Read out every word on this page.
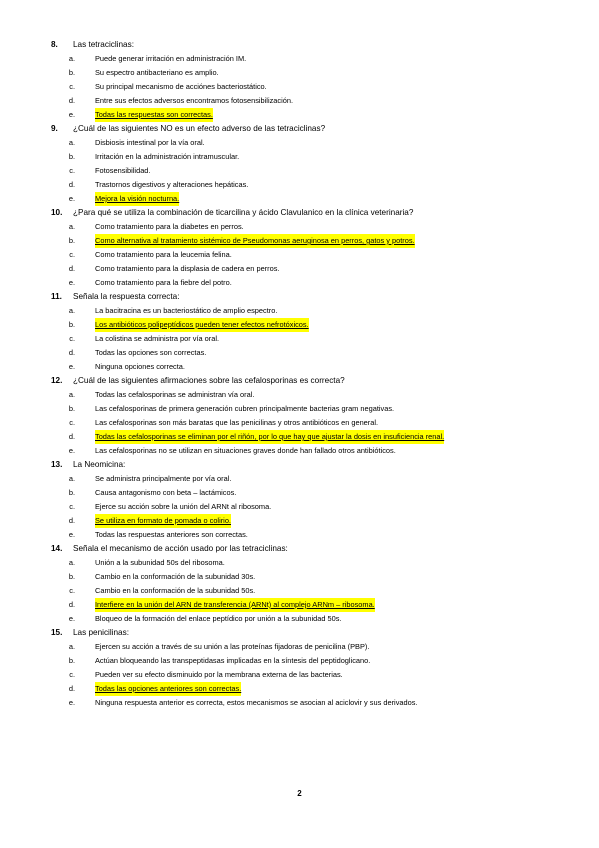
8.	Las tetraciclinas:
a.	Puede generar irritación en administración IM.
b.	Su espectro antibacteriano es amplio.
c.	Su principal mecanismo de acciónes bacteriostático.
d.	Entre sus efectos adversos encontramos fotosensibilización.
e.	Todas las respuestas son correctas.
9.	¿Cuál de las siguientes NO es un efecto adverso de las tetraciclinas?
a.	Disbiosis intestinal por la vía oral.
b.	Irritación en la administración intramuscular.
c.	Fotosensibilidad.
d.	Trastornos digestivos y alteraciones hepáticas.
e.	Mejora la visión nocturna.
10.	¿Para qué se utiliza la combinación de ticarcilina y ácido Clavulanico en la clínica veterinaria?
a.	Como tratamiento para la diabetes en perros.
b.	Como alternativa al tratamiento sistémico de Pseudomonas aeruginosa en perros, gatos y potros.
c.	Como tratamiento para la leucemia felina.
d.	Como tratamiento para la displasia de cadera en perros.
e.	Como tratamiento para la fiebre del potro.
11.	Señala la respuesta correcta:
a.	La bacitracina es un bacteriostático de amplio espectro.
b.	Los antibióticos polipeptídicos pueden tener efectos nefrotóxicos.
c.	La colistina se administra por vía oral.
d.	Todas las opciones son correctas.
e.	Ninguna opciones correcta.
12.	¿Cuál de las siguientes afirmaciones sobre las cefalosporinas es correcta?
a.	Todas las cefalosporinas se administran vía oral.
b.	Las cefalosporinas de primera generación cubren principalmente bacterias gram negativas.
c.	Las cefalosporinas son más baratas que las penicilinas y otros antibióticos en general.
d.	Todas las cefalosporinas se eliminan por el riñón, por lo que hay que ajustar la dosis en insuficiencia renal.
e.	Las cefalosporinas no se utilizan en situaciones graves donde han fallado otros antibióticos.
13.	La Neomicina:
a.	Se administra principalmente por vía oral.
b.	Causa antagonismo con beta – lactámicos.
c.	Ejerce su acción sobre la unión del ARNt al ribosoma.
d.	Se utiliza en formato de pomada o colirio.
e.	Todas las respuestas anteriores son correctas.
14.	Señala el mecanismo de acción usado por las tetraciclinas:
a.	Unión a la subunidad 50s del ribosoma.
b.	Cambio en la conformación de la subunidad 30s.
c.	Cambio en la conformación de la subunidad 50s.
d.	Interfiere en la unión del ARN de transferencia (ARNt) al complejo ARNm – ribosoma.
e.	Bloqueo de la formación del enlace peptídico por unión a la subunidad 50s.
15.	Las penicilinas:
a.	Ejercen su acción a través de su unión a las proteínas fijadoras de penicilina (PBP).
b.	Actúan bloqueando las transpeptidasas implicadas en la síntesis del peptidoglicano.
c.	Pueden ver su efecto disminuido por la membrana externa de las bacterias.
d.	Todas las opciones anteriores son correctas.
e.	Ninguna respuesta anterior es correcta, estos mecanismos se asocian al aciclovir y sus derivados.
2
